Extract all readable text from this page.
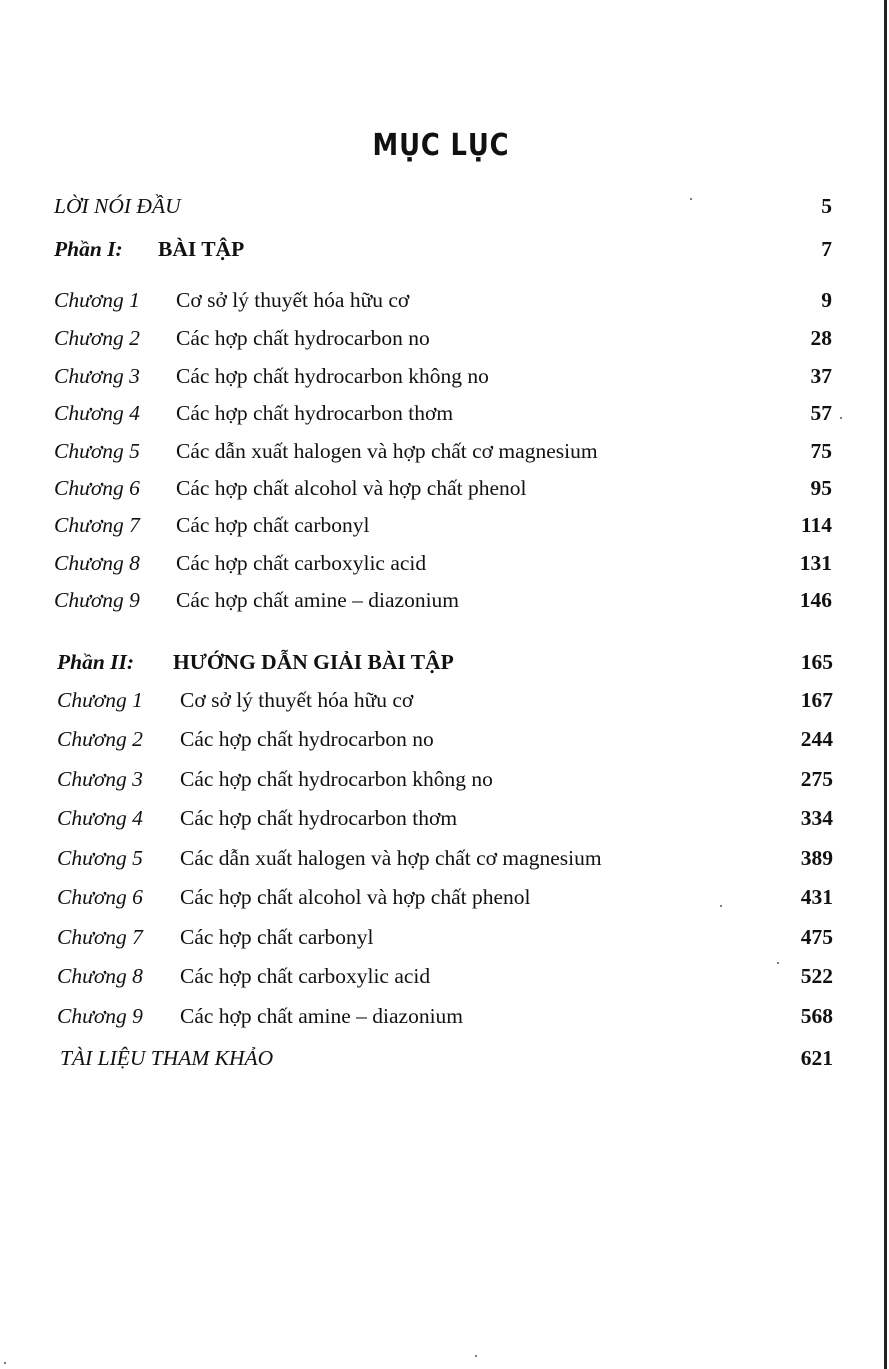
MỤC LỤC
LỜI NÓI ĐẦU	5
Phần I: BÀI TẬP	7
Chương 1 Cơ sở lý thuyết hóa hữu cơ	9
Chương 2 Các hợp chất hydrocarbon no	28
Chương 3 Các hợp chất hydrocarbon không no	37
Chương 4 Các hợp chất hydrocarbon thơm	57
Chương 5 Các dẫn xuất halogen và hợp chất cơ magnesium	75
Chương 6 Các hợp chất alcohol và hợp chất phenol	95
Chương 7 Các hợp chất carbonyl	114
Chương 8 Các hợp chất carboxylic acid	131
Chương 9 Các hợp chất amine – diazonium	146
Phần II: HƯỚNG DẪN GIẢI BÀI TẬP	165
Chương 1 Cơ sở lý thuyết hóa hữu cơ	167
Chương 2 Các hợp chất hydrocarbon no	244
Chương 3 Các hợp chất hydrocarbon không no	275
Chương 4 Các hợp chất hydrocarbon thơm	334
Chương 5 Các dẫn xuất halogen và hợp chất cơ magnesium	389
Chương 6 Các hợp chất alcohol và hợp chất phenol	431
Chương 7 Các hợp chất carbonyl	475
Chương 8 Các hợp chất carboxylic acid	522
Chương 9 Các hợp chất amine – diazonium	568
TÀI LIỆU THAM KHẢO	621
